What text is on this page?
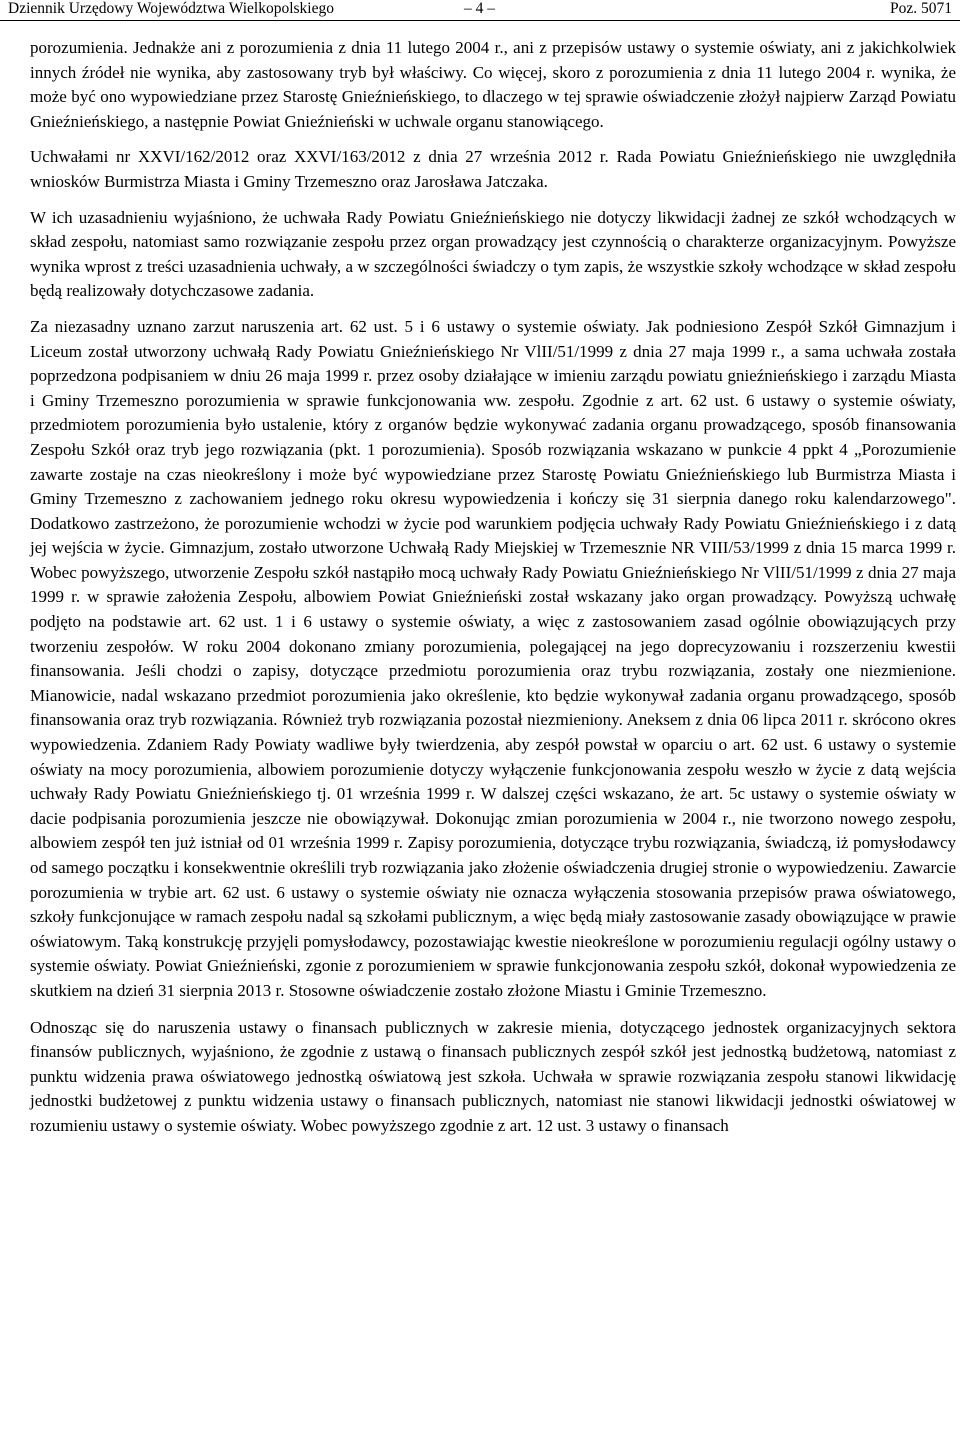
Dziennik Urzędowy Województwa Wielkopolskiego	– 4 –	Poz. 5071

porozumienia. Jednakże ani z porozumienia z dnia 11 lutego 2004 r., ani z przepisów ustawy o systemie oświaty, ani z jakichkolwiek innych źródeł nie wynika, aby zastosowany tryb był właściwy. Co więcej, skoro z porozumienia z dnia 11 lutego 2004 r. wynika, że może być ono wypowiedziane przez Starostę Gnieźnieńskiego, to dlaczego w tej sprawie oświadczenie złożył najpierw Zarząd Powiatu Gnieźnieńskiego, a następnie Powiat Gnieźnieński w uchwale organu stanowiącego.

Uchwałami nr XXVI/162/2012 oraz XXVI/163/2012 z dnia 27 września 2012 r. Rada Powiatu Gnieźnieńskiego nie uwzględniła wniosków Burmistrza Miasta i Gminy Trzemeszno oraz Jarosława Jatczaka.

W ich uzasadnieniu wyjaśniono, że uchwała Rady Powiatu Gnieźnieńskiego nie dotyczy likwidacji żadnej ze szkół wchodzących w skład zespołu, natomiast samo rozwiązanie zespołu przez organ prowadzący jest czynnością o charakterze organizacyjnym. Powyższe wynika wprost z treści uzasadnienia uchwały, a w szczególności świadczy o tym zapis, że wszystkie szkoły wchodzące w skład zespołu będą realizowały dotychczasowe zadania.

Za niezasadny uznano zarzut naruszenia art. 62 ust. 5 i 6 ustawy o systemie oświaty. Jak podniesiono Zespół Szkół Gimnazjum i Liceum został utworzony uchwałą Rady Powiatu Gnieźnieńskiego Nr VlII/51/1999 z dnia 27 maja 1999 r., a sama uchwała została poprzedzona podpisaniem w dniu 26 maja 1999 r. przez osoby działające w imieniu zarządu powiatu gnieźnieńskiego i zarządu Miasta i Gminy Trzemeszno porozumienia w sprawie funkcjonowania ww. zespołu. Zgodnie z art. 62 ust. 6 ustawy o systemie oświaty, przedmiotem porozumienia było ustalenie, który z organów będzie wykonywać zadania organu prowadzącego, sposób finansowania Zespołu Szkół oraz tryb jego rozwiązania (pkt. 1 porozumienia). Sposób rozwiązania wskazano w punkcie 4 ppkt 4 „Porozumienie zawarte zostaje na czas nieokreślony i może być wypowiedziane przez Starostę Powiatu Gnieźnieńskiego lub Burmistrza Miasta i Gminy Trzemeszno z zachowaniem jednego roku okresu wypowiedzenia i kończy się 31 sierpnia danego roku kalendarzowego". Dodatkowo zastrzeżono, że porozumienie wchodzi w życie pod warunkiem podjęcia uchwały Rady Powiatu Gnieźnieńskiego i z datą jej wejścia w życie. Gimnazjum, zostało utworzone Uchwałą Rady Miejskiej w Trzemesznie NR VIII/53/1999 z dnia 15 marca 1999 r. Wobec powyższego, utworzenie Zespołu szkół nastąpiło mocą uchwały Rady Powiatu Gnieźnieńskiego Nr VlII/51/1999 z dnia 27 maja 1999 r. w sprawie założenia Zespołu, albowiem Powiat Gnieźnieński został wskazany jako organ prowadzący. Powyższą uchwałę podjęto na podstawie art. 62 ust. 1 i 6 ustawy o systemie oświaty, a więc z zastosowaniem zasad ogólnie obowiązujących przy tworzeniu zespołów. W roku 2004 dokonano zmiany porozumienia, polegającej na jego doprecyzowaniu i rozszerzeniu kwestii finansowania. Jeśli chodzi o zapisy, dotyczące przedmiotu porozumienia oraz trybu rozwiązania, zostały one niezmienione. Mianowicie, nadal wskazano przedmiot porozumienia jako określenie, kto będzie wykonywał zadania organu prowadzącego, sposób finansowania oraz tryb rozwiązania. Również tryb rozwiązania pozostał niezmieniony. Aneksem z dnia 06 lipca 2011 r. skrócono okres wypowiedzenia. Zdaniem Rady Powiaty wadliwe były twierdzenia, aby zespół powstał w oparciu o art. 62 ust. 6 ustawy o systemie oświaty na mocy porozumienia, albowiem porozumienie dotyczy wyłączenie funkcjonowania zespołu weszło w życie z datą wejścia uchwały Rady Powiatu Gnieźnieńskiego tj. 01 września 1999 r. W dalszej części wskazano, że art. 5c ustawy o systemie oświaty w dacie podpisania porozumienia jeszcze nie obowiązywał. Dokonując zmian porozumienia w 2004 r., nie tworzono nowego zespołu, albowiem zespół ten już istniał od 01 września 1999 r. Zapisy porozumienia, dotyczące trybu rozwiązania, świadczą, iż pomysłodawcy od samego początku i konsekwentnie określili tryb rozwiązania jako złożenie oświadczenia drugiej stronie o wypowiedzeniu. Zawarcie porozumienia w trybie art. 62 ust. 6 ustawy o systemie oświaty nie oznacza wyłączenia stosowania przepisów prawa oświatowego, szkoły funkcjonujące w ramach zespołu nadal są szkołami publicznym, a więc będą miały zastosowanie zasady obowiązujące w prawie oświatowym. Taką konstrukcję przyjęli pomysłodawcy, pozostawiając kwestie nieokreślone w porozumieniu regulacji ogólny ustawy o systemie oświaty. Powiat Gnieźnieński, zgonie z porozumieniem w sprawie funkcjonowania zespołu szkół, dokonał wypowiedzenia ze skutkiem na dzień 31 sierpnia 2013 r. Stosowne oświadczenie zostało złożone Miastu i Gminie Trzemeszno.

Odnosząc się do naruszenia ustawy o finansach publicznych w zakresie mienia, dotyczącego jednostek organizacyjnych sektora finansów publicznych, wyjaśniono, że zgodnie z ustawą o finansach publicznych zespół szkół jest jednostką budżetową, natomiast z punktu widzenia prawa oświatowego jednostką oświatową jest szkoła. Uchwała w sprawie rozwiązania zespołu stanowi likwidację jednostki budżetowej z punktu widzenia ustawy o finansach publicznych, natomiast nie stanowi likwidacji jednostki oświatowej w rozumieniu ustawy o systemie oświaty. Wobec powyższego zgodnie z art. 12 ust. 3 ustawy o finansach
